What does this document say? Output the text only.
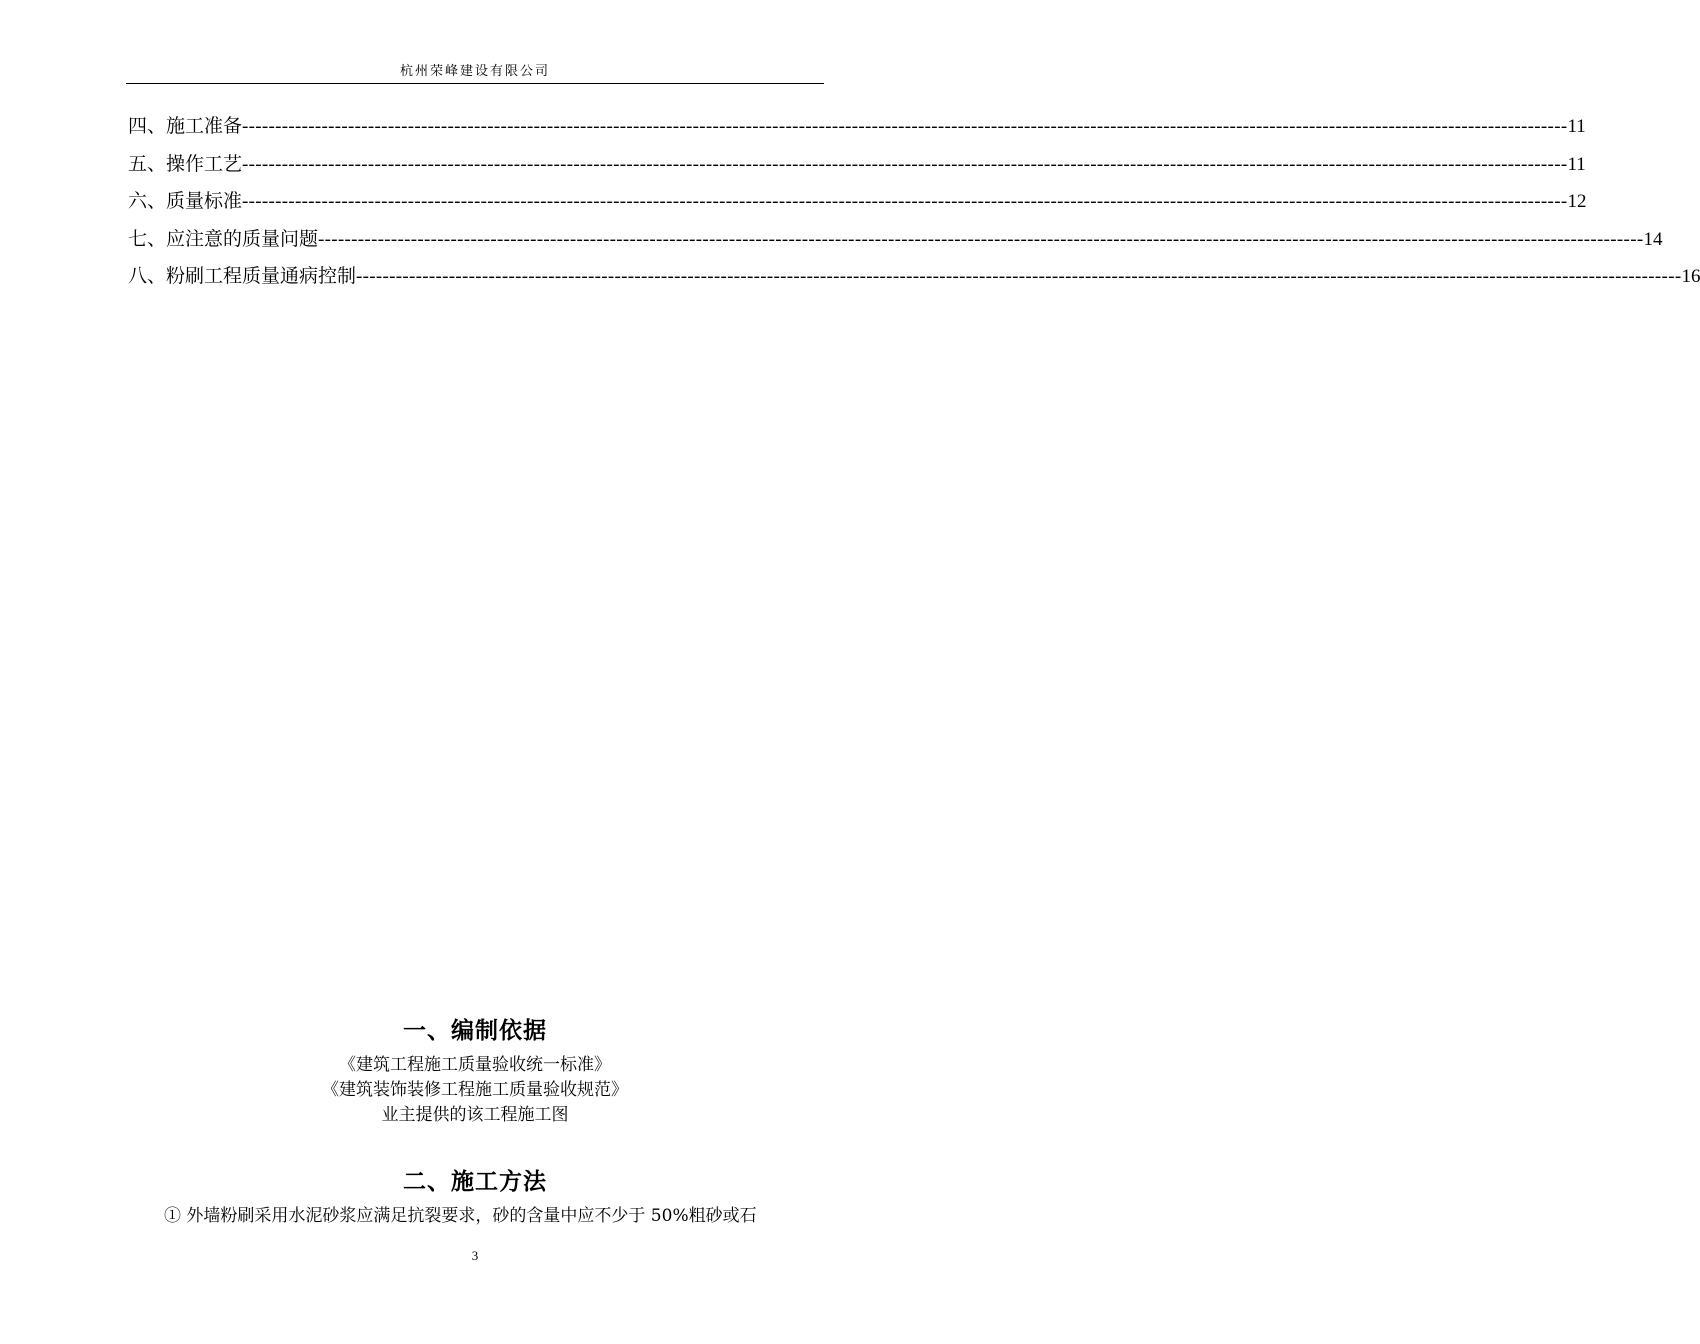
杭州荣峰建设有限公司
四、施工准备 -------------------------------------------------------------------------------------------------------------------------------------------------------------------------------------------------------- 11
五、操作工艺 -------------------------------------------------------------------------------------------------------------------------------------------------------------------------------------------------------- 11
六、质量标准 -------------------------------------------------------------------------------------------------------------------------------------------------------------------------------------------------------- 12
七、应注意的质量问题 -------------------------------------------------------------------------------------------------------------------------------------------------------------------------------------------------------- 14
八、粉刷工程质量通病控制 -------------------------------------------------------------------------------------------------------------------------------------------------------------------------------------------------------- 16
一、编制依据
《建筑工程施工质量验收统一标准》
《建筑装饰装修工程施工质量验收规范》
业主提供的该工程施工图
二、施工方法
① 外墙粉刷采用水泥砂浆应满足抗裂要求，砂的含量中应不少于 50%粗砂或石
3
